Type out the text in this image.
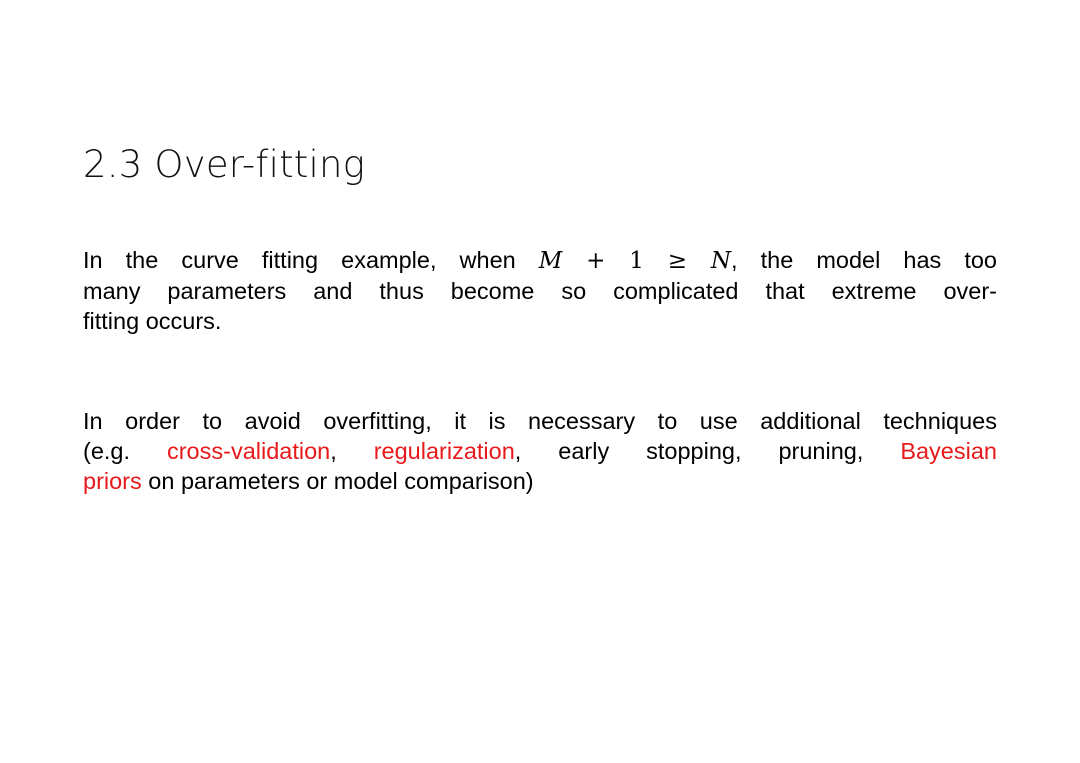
2.3 Over-fitting
In the curve fitting example, when M + 1 ≥ N, the model has too
many parameters and thus become so complicated that extreme over-
fitting occurs.
In order to avoid overfitting, it is necessary to use additional techniques
(e.g. cross-validation, regularization, early stopping, pruning, Bayesian
priors on parameters or model comparison)
